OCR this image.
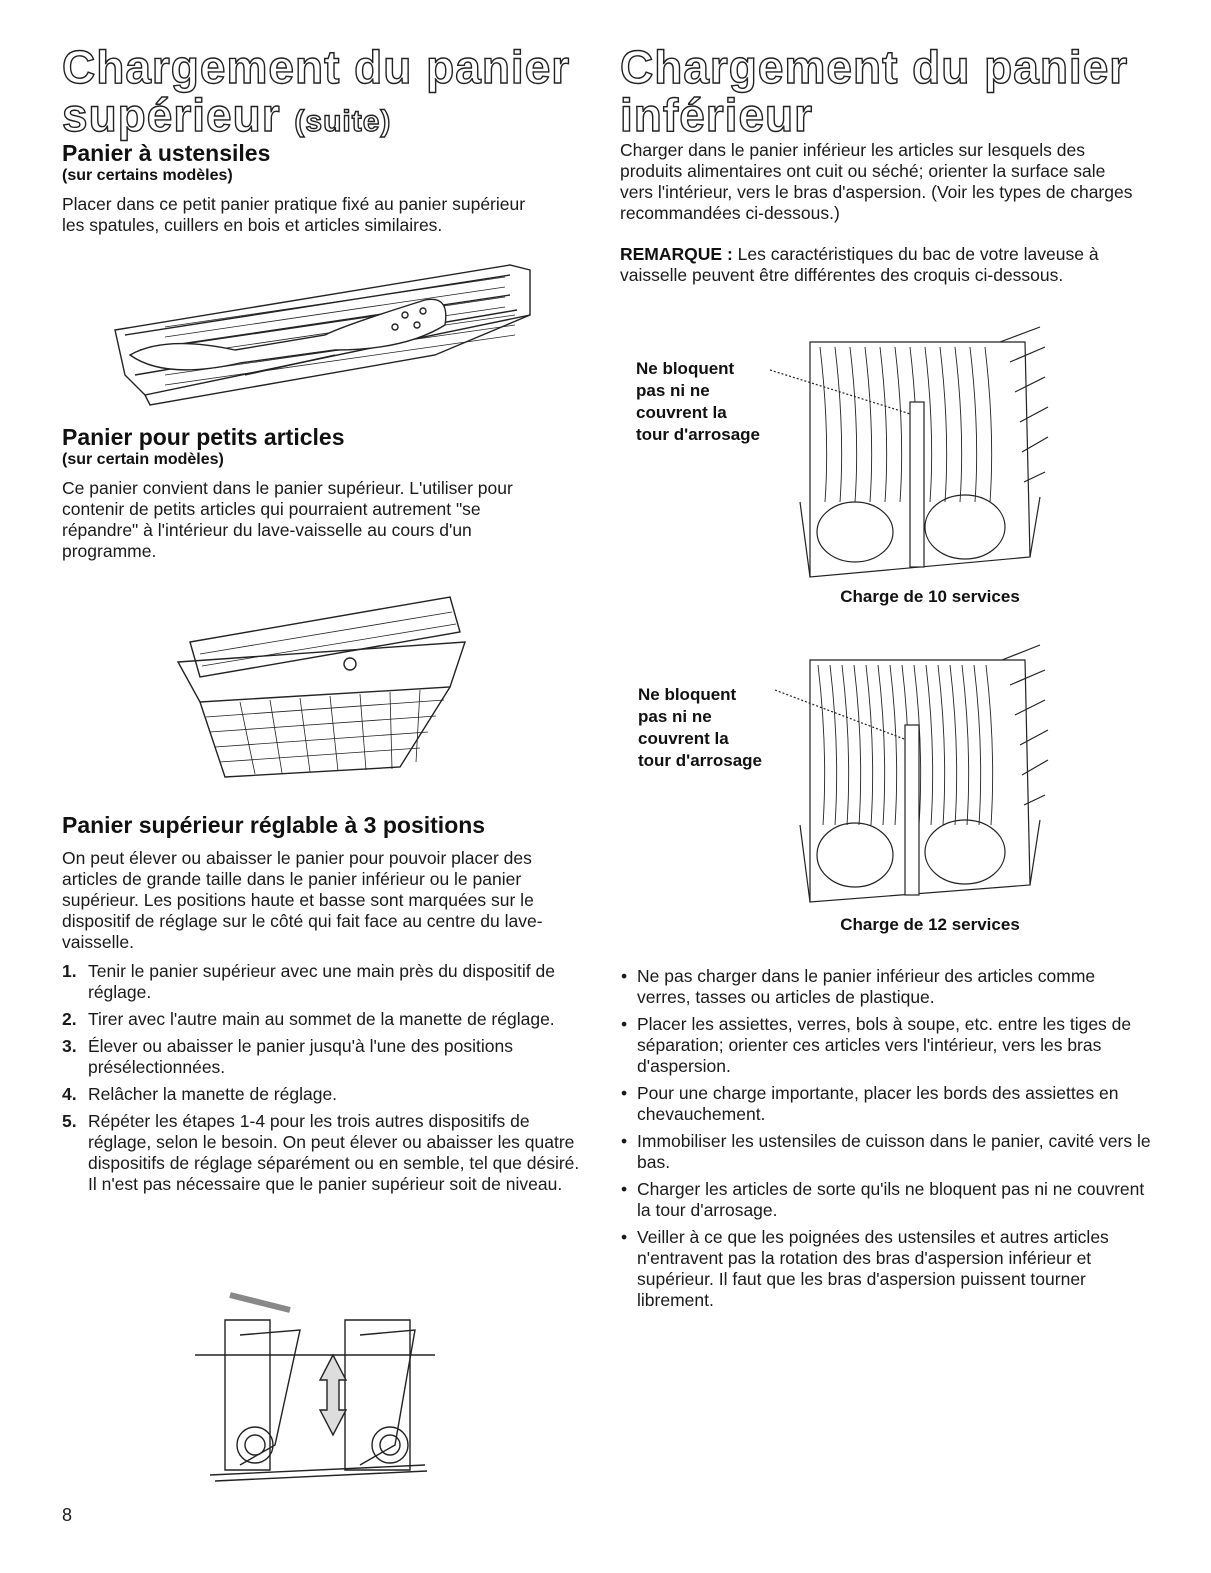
Chargement du panier
supérieur (suite)
Panier à ustensiles

(sur certains modèles)

Placer dans ce petit panier pratique fixé au panier supérieur les spatules, cuillers en bois et articles similaires.

Panier pour petits articles

(sur certain modèles)

Ce panier convient dans le panier supérieur. L'utiliser pour contenir de petits articles qui pourraient autrement "se répandre" à l'intérieur du lave-vaisselle au cours d'un programme.

Panier supérieur réglable à 3 positions

On peut élever ou abaisser le panier pour pouvoir placer des articles de grande taille dans le panier inférieur ou le panier supérieur. Les positions haute et basse sont marquées sur le dispositif de réglage sur le côté qui fait face au centre du lave-vaisselle.

1. Tenir le panier supérieur avec une main près du dispositif de réglage.
2. Tirer avec l'autre main au sommet de la manette de réglage.
3. Élever ou abaisser le panier jusqu'à l'une des positions présélectionnées.
4. Relâcher la manette de réglage.
5. Répéter les étapes 1-4 pour les trois autres dispositifs de réglage, selon le besoin. On peut élever ou abaisser les quatre dispositifs de réglage séparément ou en semble, tel que désiré. Il n'est pas nécessaire que le panier supérieur soit de niveau.
8
Chargement du panier
inférieur

Charger dans le panier inférieur les articles sur lesquels des produits alimentaires ont cuit ou séché; orienter la surface sale vers l'intérieur, vers le bras d'aspersion. (Voir les types de charges recommandées ci-dessous.)

REMARQUE : Les caractéristiques du bac de votre laveuse à vaisselle peuvent être différentes des croquis ci-dessous.

Ne bloquent
pas ni ne
couvrent la
tour d'arrosage
Charge de 10 services
Ne bloquent
pas ni ne
couvrent la
tour d'arrosage
Charge de 12 services
• Ne pas charger dans le panier inférieur des articles comme verres, tasses ou articles de plastique.
• Placer les assiettes, verres, bols à soupe, etc. entre les tiges de séparation; orienter ces articles vers l'intérieur, vers les bras d'aspersion.
• Pour une charge importante, placer les bords des assiettes en chevauchement.
• Immobiliser les ustensiles de cuisson dans le panier, cavité vers le bas.
• Charger les articles de sorte qu'ils ne bloquent pas ni ne couvrent la tour d'arrosage.
• Veiller à ce que les poignées des ustensiles et autres articles n'entravent pas la rotation des bras d'aspersion inférieur et supérieur. Il faut que les bras d'aspersion puissent tourner librement.
